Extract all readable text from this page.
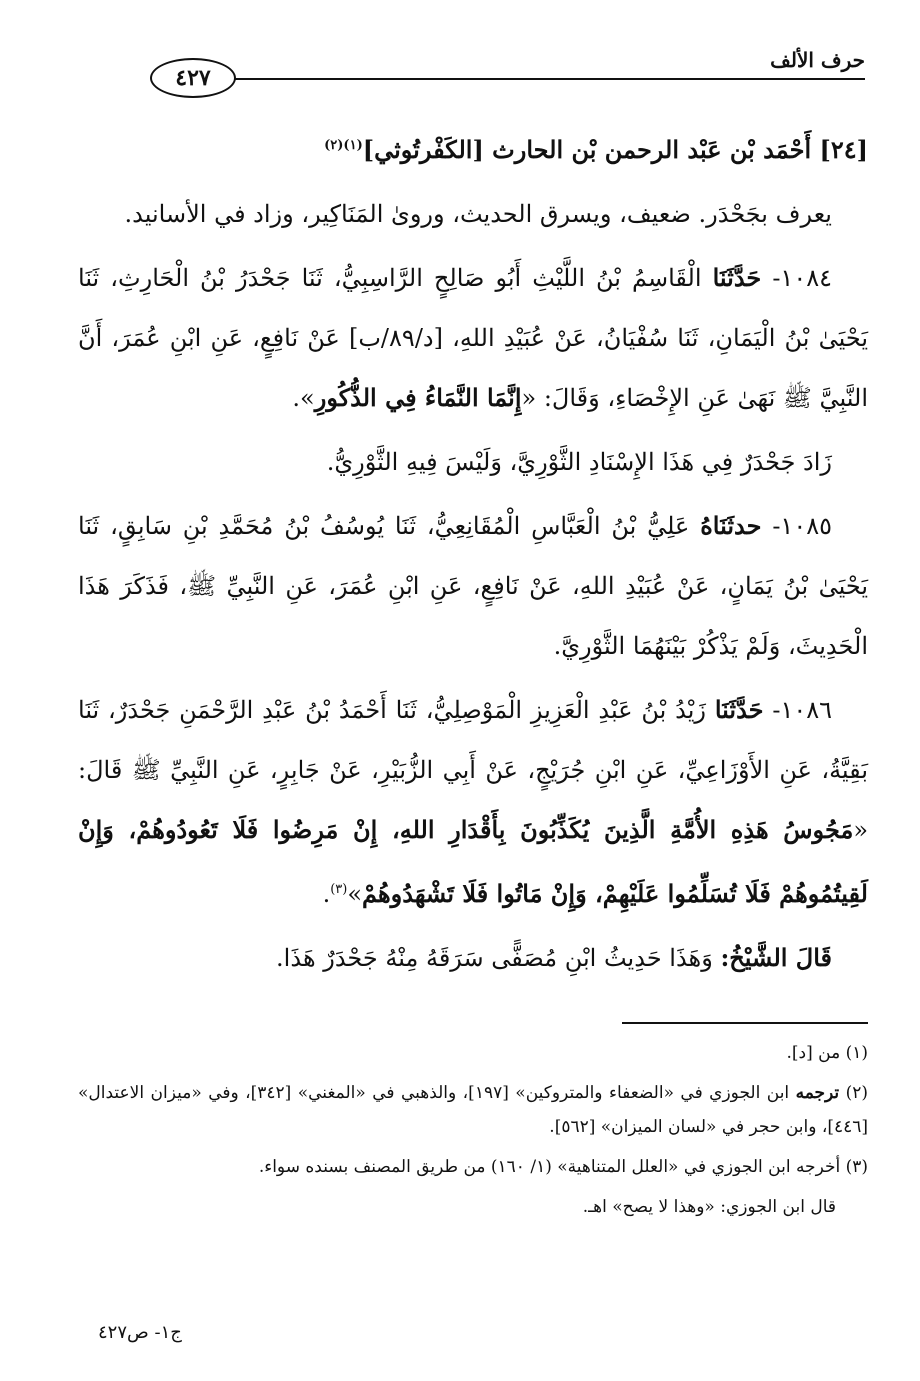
حرف الألف
٤٢٧
[٢٤] أَحْمَد بْن عَبْد الرحمن بْن الحارث [الكَفْرتُوثي]$^{(١)(٢)}$

يعرف بجَحْدَر. ضعيف، ويسرق الحديث، وروىٰ المَنَاكِير، وزاد في الأسانيد.

١٠٨٤- حَدَّثَنَا الْقَاسِمُ بْنُ اللَّيْثِ أَبُو صَالِحٍ الرَّاسِبِيُّ، ثَنَا جَحْدَرُ بْنُ الْحَارِثِ، ثَنَا يَحْيَىٰ بْنُ الْيَمَانِ، ثَنَا سُفْيَانُ، عَنْ عُبَيْدِ اللهِ، [د/٨٩/ب] عَنْ نَافِعٍ، عَنِ ابْنِ عُمَرَ، أَنَّ النَّبِيَّ ﷺ نَهَىٰ عَنِ الإِخْصَاءِ، وَقَالَ: «إِنَّمَا النَّمَاءُ فِي الذُّكُورِ».

زَادَ جَحْدَرٌ فِي هَذَا الإِسْنَادِ الثَّوْرِيَّ، وَلَيْسَ فِيهِ الثَّوْرِيُّ.

١٠٨٥- حدثَنَاهُ عَلِيُّ بْنُ الْعَبَّاسِ الْمُقَانِعِيُّ، ثَنَا يُوسُفُ بْنُ مُحَمَّدِ بْنِ سَابِقٍ، ثَنَا يَحْيَىٰ بْنُ يَمَانٍ، عَنْ عُبَيْدِ اللهِ، عَنْ نَافِعٍ، عَنِ ابْنِ عُمَرَ، عَنِ النَّبِيِّ ﷺ، فَذَكَرَ هَذَا الْحَدِيثَ، وَلَمْ يَذْكُرْ بَيْنَهُمَا الثَّوْرِيَّ.

١٠٨٦- حَدَّثَنَا زَيْدُ بْنُ عَبْدِ الْعَزِيزِ الْمَوْصِلِيُّ، ثَنَا أَحْمَدُ بْنُ عَبْدِ الرَّحْمَنِ جَحْدَرٌ، ثَنَا بَقِيَّةُ، عَنِ الأَوْزَاعِيِّ، عَنِ ابْنِ جُرَيْجٍ، عَنْ أَبِي الزُّبَيْرِ، عَنْ جَابِرٍ، عَنِ النَّبِيِّ ﷺ قَالَ: «مَجُوسُ هَذِهِ الأُمَّةِ الَّذِينَ يُكَذِّبُونَ بِأَقْدَارِ اللهِ، إِنْ مَرِضُوا فَلَا تَعُودُوهُمْ، وَإِنْ لَقِيتُمُوهُمْ فَلَا تُسَلِّمُوا عَلَيْهِمْ، وَإِنْ مَاتُوا فَلَا تَشْهَدُوهُمْ»$^{(٣)}$.

قَالَ الشَّيْخُ: وَهَذَا حَدِيثُ ابْنِ مُصَفًّى سَرَقَهُ مِنْهُ جَحْدَرٌ هَذَا.

(١) من [د].

(٢) ترجمه ابن الجوزي في «الضعفاء والمتروكين» [١٩٧]، والذهبي في «المغني» [٣٤٢]، وفي «ميزان الاعتدال» [٤٤٦]، وابن حجر في «لسان الميزان» [٥٦٢].

(٣) أخرجه ابن الجوزي في «العلل المتناهية» (١/ ١٦٠) من طريق المصنف بسنده سواء.

قال ابن الجوزي: «وهذا لا يصح» اهـ.

ج١- ص٤٢٧
